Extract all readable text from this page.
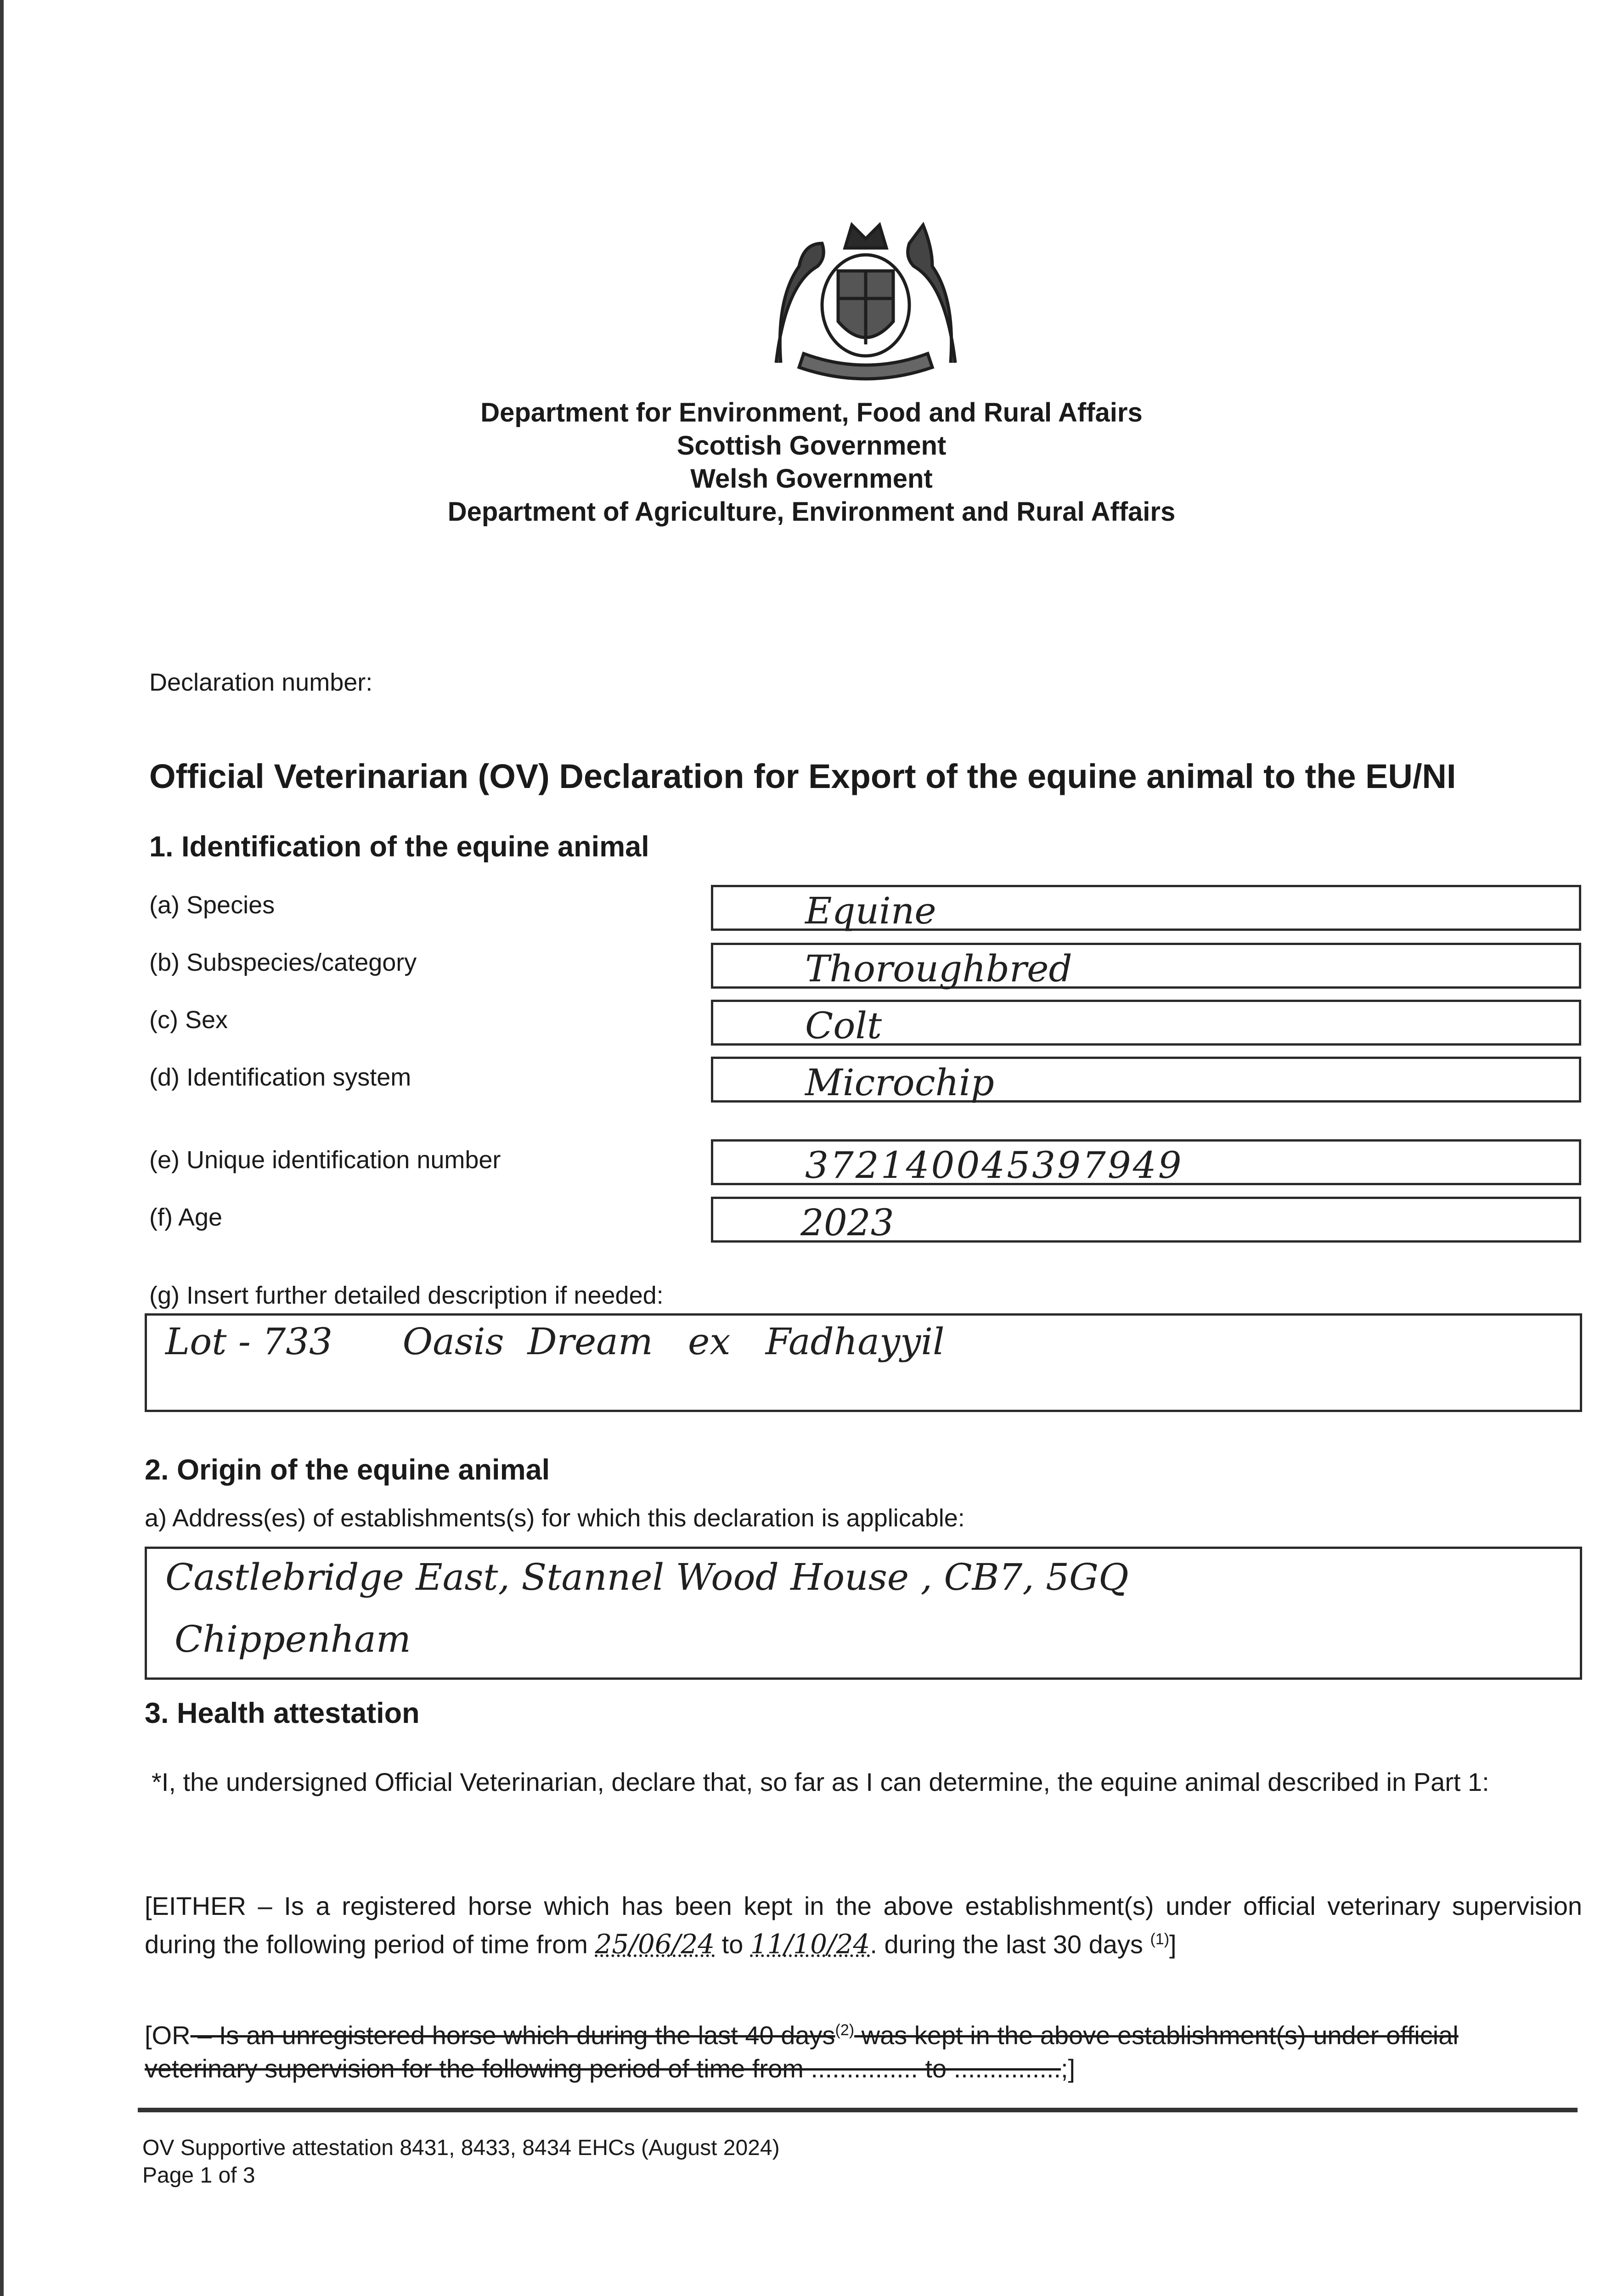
Department for Environment, Food and Rural Affairs
Scottish Government
Welsh Government
Department of Agriculture, Environment and Rural Affairs
Declaration number:
Official Veterinarian (OV) Declaration for Export of the equine animal to the EU/NI
1. Identification of the equine animal
(a) Species	Equine
(b) Subspecies/category	Thoroughbred
(c) Sex	Colt
(d) Identification system	Microchip
(e) Unique identification number	372140045397949
(f) Age	2023
(g) Insert further detailed description if needed:
Lot - 733      Oasis  Dream   ex   Fadhayyil
2. Origin of the equine animal
a) Address(es) of establishments(s) for which this declaration is applicable:
Castlebridge East, Stannel Wood House , CB7, 5GQ
Chippenham
3. Health attestation
*I, the undersigned Official Veterinarian, declare that, so far as I can determine, the equine animal described in Part 1:
[EITHER – Is a registered horse which has been kept in the above establishment(s) under official veterinary supervision during the following period of time from 25/06/24 to 11/10/24. during the last 30 days $^{(1)}$]
[OR – Is an unregistered horse which during the last 40 days$^{(2)}$ was kept in the above establishment(s) under official
veterinary supervision for the following period of time from ............... to ...............;]
OV Supportive attestation 8431, 8433, 8434 EHCs (August 2024)
Page 1 of 3
